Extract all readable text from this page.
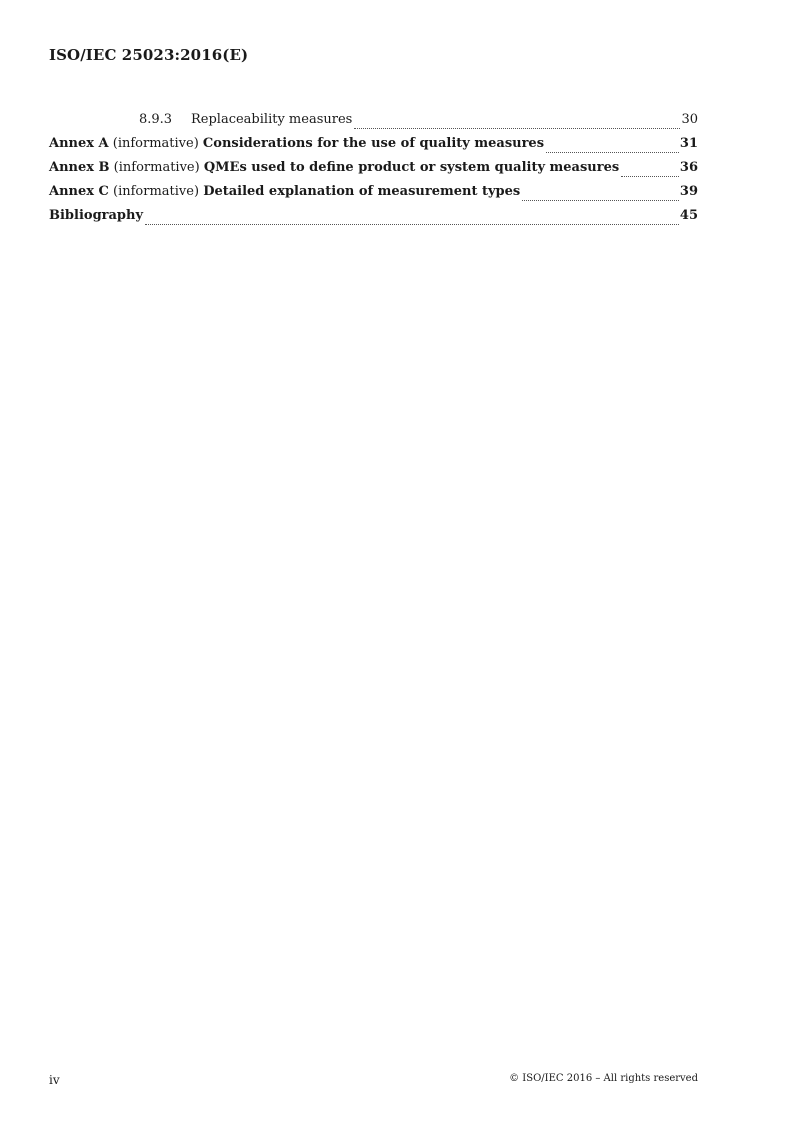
ISO/IEC 25023:2016(E)
8.9.3	Replaceability measures	30
Annex A (informative) Considerations for the use of quality measures	31
Annex B (informative) QMEs used to define product or system quality measures	36
Annex C (informative) Detailed explanation of measurement types	39
Bibliography	45
iv	© ISO/IEC 2016 – All rights reserved
